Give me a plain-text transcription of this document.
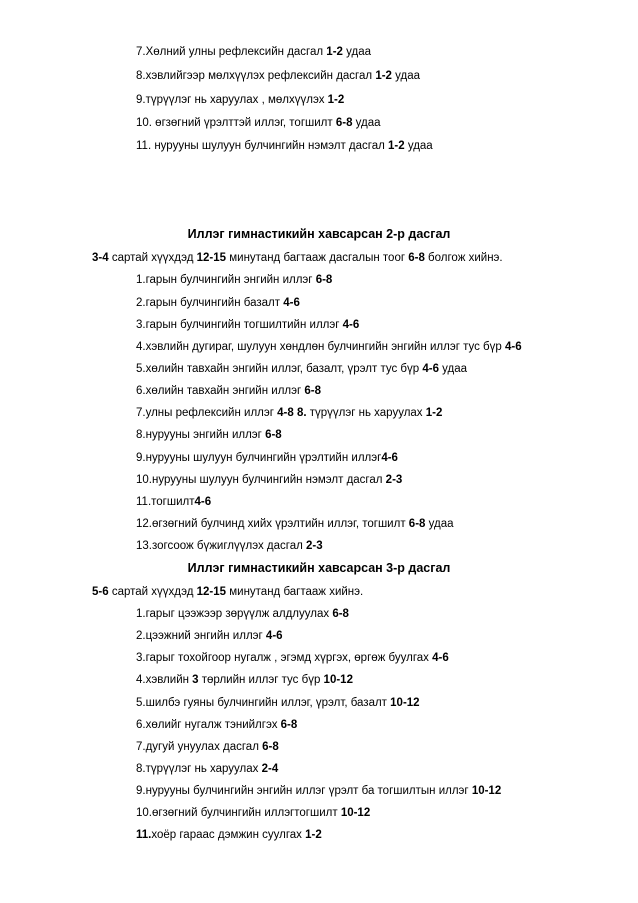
7.Хөлний улны рефлексийн дасгал 1-2 удаа
8.хэвлийгээр мөлхүүлэх рефлексийн дасгал 1-2 удаа
9.түрүүлэг нь харуулах , мөлхүүлэх 1-2
10. өгзөгний үрэлттэй иллэг, тогшилт 6-8 удаа
11. нурууны шулуун булчингийн нэмэлт дасгал 1-2 удаа
Иллэг гимнастикийн хавсарсан 2-р дасгал
3-4 сартай хүүхдэд 12-15 минутанд багтааж дасгалын тоог 6-8 болгож хийнэ.
1.гарын булчингийн энгийн иллэг 6-8
2.гарын булчингийн базалт 4-6
3.гарын булчингийн тогшилтийн иллэг 4-6
4.хэвлийн дугираг, шулуун хөндлөн булчингийн энгийн иллэг тус бүр 4-6
5.хөлийн тавхайн энгийн иллэг, базалт, үрэлт тус бүр 4-6 удаа
6.хөлийн тавхайн энгийн иллэг 6-8
7.улны рефлексийн иллэг 4-8 8. түрүүлэг нь харуулах 1-2
8.нурууны энгийн иллэг 6-8
9.нурууны шулуун булчингийн үрэлтийн иллэг4-6
10.нурууны шулуун булчингийн нэмэлт дасгал 2-3
11.тогшилт4-6
12.өгзөгний булчинд хийх үрэлтийн иллэг, тогшилт 6-8 удаа
13.зогсоож бүжиглүүлэх дасгал 2-3
Иллэг гимнастикийн хавсарсан 3-р дасгал
5-6 сартай хүүхдэд 12-15 минутанд багтааж хийнэ.
1.гарыг цээжээр зөрүүлж алдлуулах 6-8
2.цээжний энгийн иллэг 4-6
3.гарыг тохойгоор нугалж , эгэмд хүргэх, өргөж буулгах 4-6
4.хэвлийн 3 төрлийн иллэг тус бүр 10-12
5.шилбэ гуяны булчингийн иллэг, үрэлт, базалт 10-12
6.хөлийг нугалж тэнийлгэх 6-8
7.дугуй унуулах дасгал 6-8
8.түрүүлэг нь харуулах 2-4
9.нурууны булчингийн энгийн иллэг үрэлт ба тогшилтын иллэг 10-12
10.өгзөгний булчингийн иллэгтогшилт 10-12
11.хоёр гараас дэмжин суулгах 1-2
